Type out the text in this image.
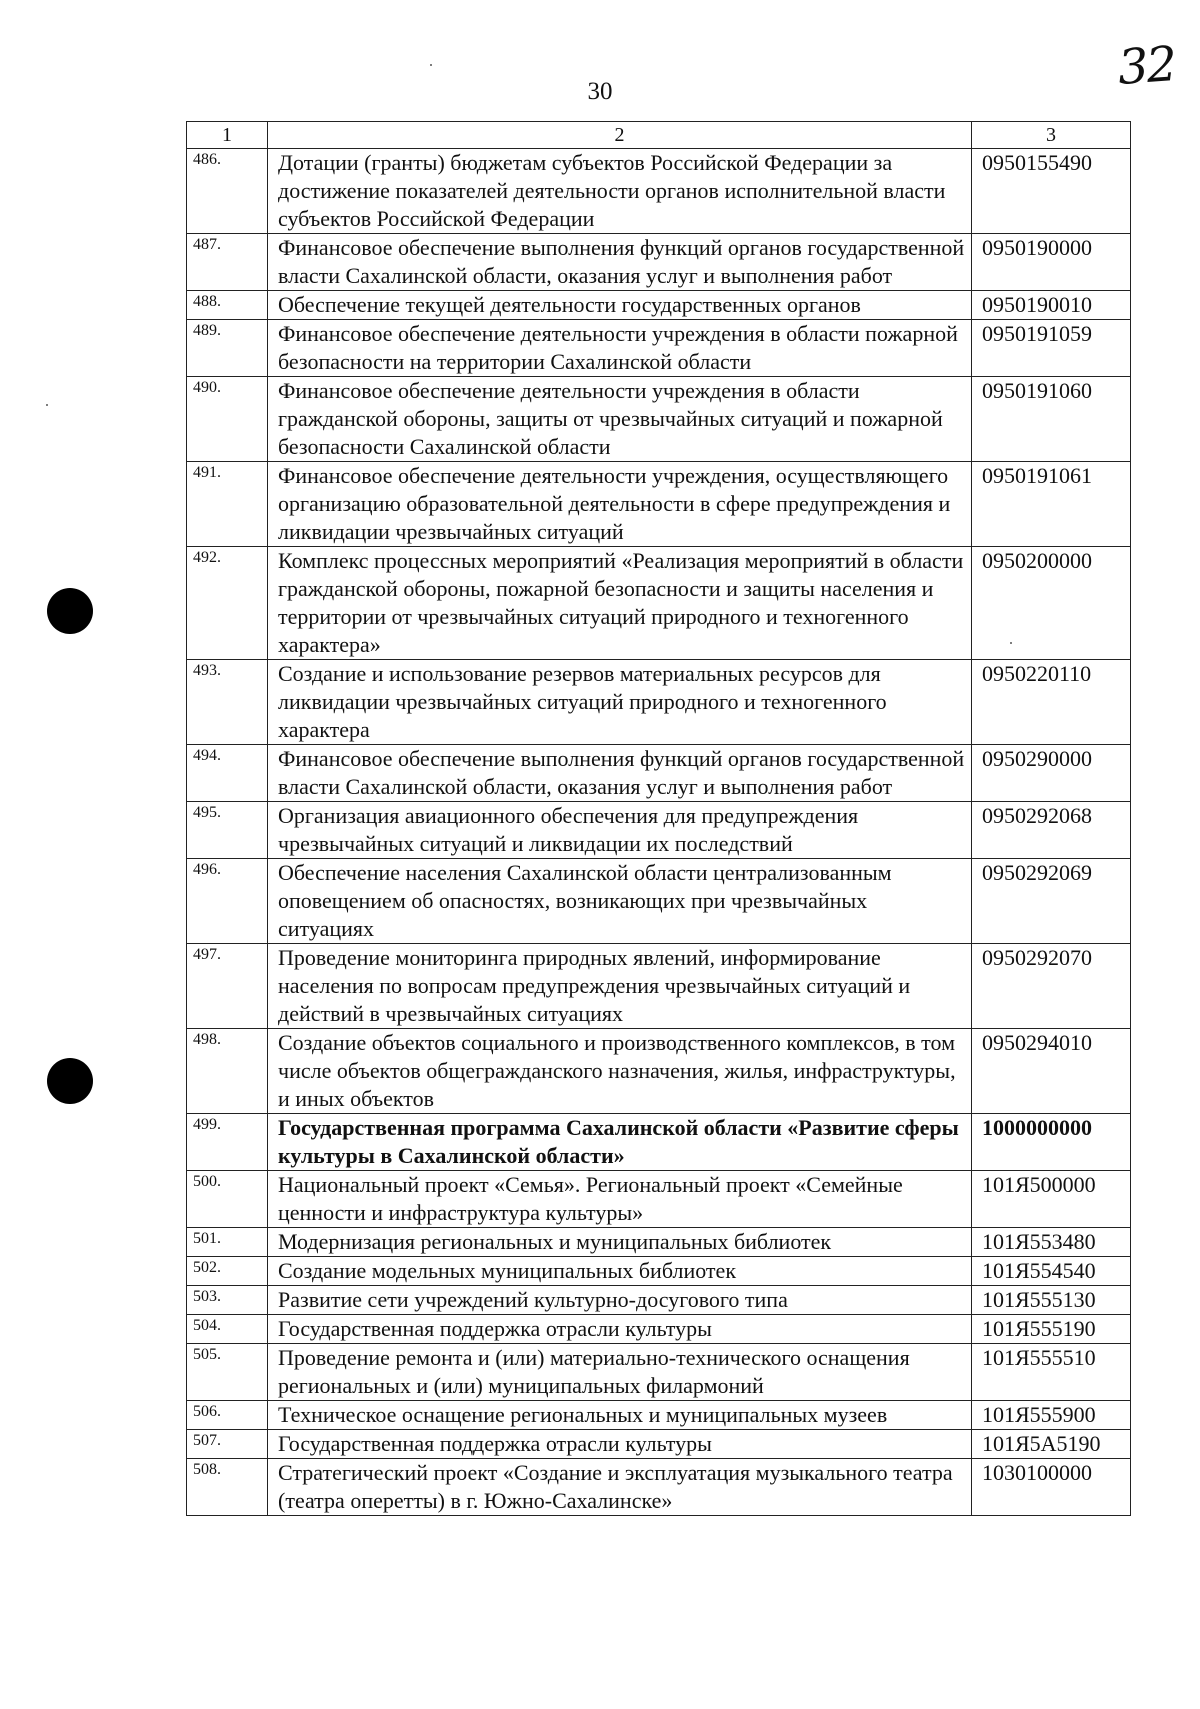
30	32
1	2	3
486.	Дотации (гранты) бюджетам субъектов Российской Федерации за достижение показателей деятельности органов исполнительной власти субъектов Российской Федерации	0950155490
487.	Финансовое обеспечение выполнения функций органов государственной власти Сахалинской области, оказания услуг и выполнения работ	0950190000
488.	Обеспечение текущей деятельности государственных органов	0950190010
489.	Финансовое обеспечение деятельности учреждения в области пожарной безопасности на территории Сахалинской области	0950191059
490.	Финансовое обеспечение деятельности учреждения в области гражданской обороны, защиты от чрезвычайных ситуаций и пожарной безопасности Сахалинской области	0950191060
491.	Финансовое обеспечение деятельности учреждения, осуществляющего организацию образовательной деятельности в сфере предупреждения и ликвидации чрезвычайных ситуаций	0950191061
492.	Комплекс процессных мероприятий «Реализация мероприятий в области гражданской обороны, пожарной безопасности и защиты населения и территории от чрезвычайных ситуаций природного и техногенного характера»	0950200000
493.	Создание и использование резервов материальных ресурсов для ликвидации чрезвычайных ситуаций природного и техногенного характера	0950220110
494.	Финансовое обеспечение выполнения функций органов государственной власти Сахалинской области, оказания услуг и выполнения работ	0950290000
495.	Организация авиационного обеспечения для предупреждения чрезвычайных ситуаций и ликвидации их последствий	0950292068
496.	Обеспечение населения Сахалинской области централизованным оповещением об опасностях, возникающих при чрезвычайных ситуациях	0950292069
497.	Проведение мониторинга природных явлений, информирование населения по вопросам предупреждения чрезвычайных ситуаций и действий в чрезвычайных ситуациях	0950292070
498.	Создание объектов социального и производственного комплексов, в том числе объектов общегражданского назначения, жилья, инфраструктуры, и иных объектов	0950294010
499.	Государственная программа Сахалинской области «Развитие сферы культуры в Сахалинской области»	1000000000
500.	Национальный проект «Семья». Региональный проект «Семейные ценности и инфраструктура культуры»	101Я500000
501.	Модернизация региональных и муниципальных библиотек	101Я553480
502.	Создание модельных муниципальных библиотек	101Я554540
503.	Развитие сети учреждений культурно-досугового типа	101Я555130
504.	Государственная поддержка отрасли культуры	101Я555190
505.	Проведение ремонта и (или) материально-технического оснащения региональных и (или) муниципальных филармоний	101Я555510
506.	Техническое оснащение региональных и муниципальных музеев	101Я555900
507.	Государственная поддержка отрасли культуры	101Я5А5190
508.	Стратегический проект «Создание и эксплуатация музыкального театра (театра оперетты) в г. Южно-Сахалинске»	1030100000
